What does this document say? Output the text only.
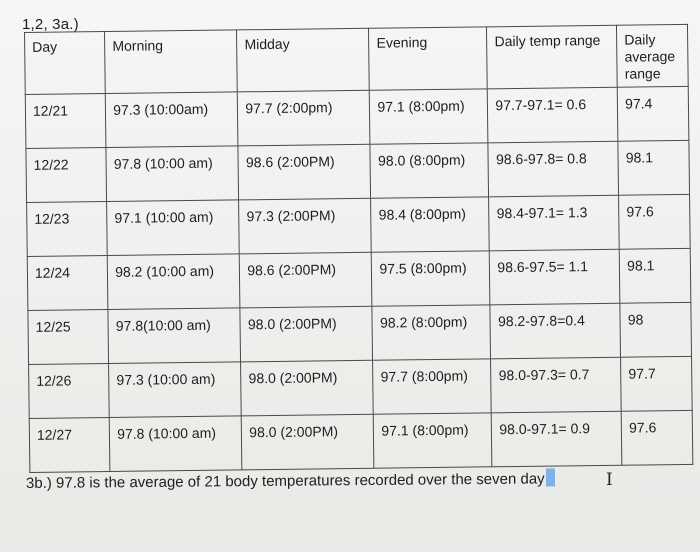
1,2, 3a.)
Day	Morning	Midday	Evening	Daily temp range	Daily average range
12/21	97.3 (10:00am)	97.7 (2:00pm)	97.1 (8:00pm)	97.7-97.1= 0.6	97.4
12/22	97.8 (10:00 am)	98.6 (2:00PM)	98.0 (8:00pm)	98.6-97.8= 0.8	98.1
12/23	97.1 (10:00 am)	97.3 (2:00PM)	98.4 (8:00pm)	98.4-97.1= 1.3	97.6
12/24	98.2 (10:00 am)	98.6 (2:00PM)	97.5 (8:00pm)	98.6-97.5= 1.1	98.1
12/25	97.8(10:00 am)	98.0 (2:00PM)	98.2 (8:00pm)	98.2-97.8=0.4	98
12/26	97.3 (10:00 am)	98.0 (2:00PM)	97.7 (8:00pm)	98.0-97.3= 0.7	97.7
12/27	97.8 (10:00 am)	98.0 (2:00PM)	97.1 (8:00pm)	98.0-97.1= 0.9	97.6
3b.) 97.8 is the average of 21 body temperatures recorded over the seven day	I
